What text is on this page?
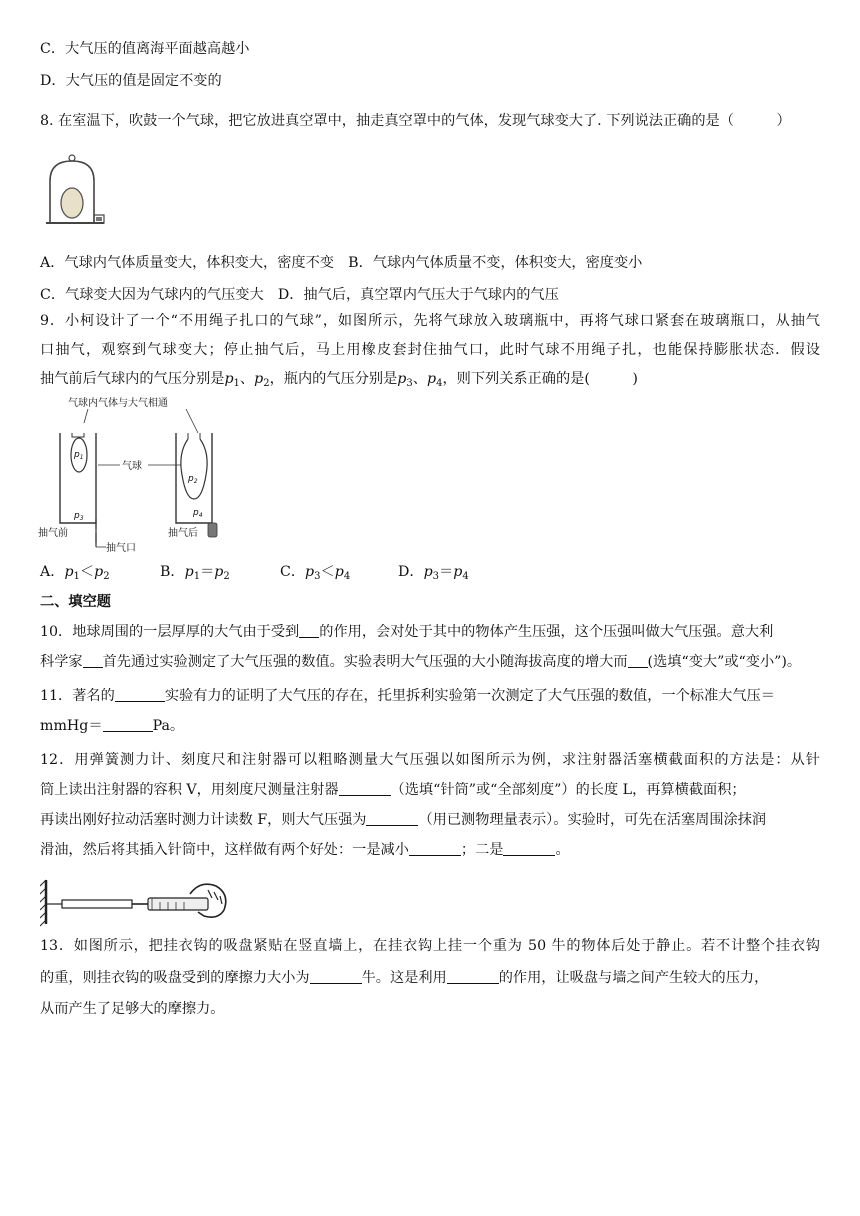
C．大气压的值离海平面越高越小
D．大气压的值是固定不变的
8. 在室温下，吹鼓一个气球，把它放进真空罩中，抽走真空罩中的气体，发现气球变大了. 下列说法正确的是（　　　）
A．气球内气体质量变大，体积变大，密度不变　B．气球内气体质量不变，体积变大，密度变小
C．气球变大因为气球内的气压变大　D．抽气后，真空罩内气压大于气球内的气压
9．小柯设计了一个“不用绳子扎口的气球”，如图所示，先将气球放入玻璃瓶中，再将气球口紧套在玻璃瓶口，从抽气
口抽气，观察到气球变大；停止抽气后，马上用橡皮套封住抽气口，此时气球不用绳子扎，也能保持膨胀状态．假设
抽气前后气球内的气压分别是$p_1$、$p_2$，瓶内的气压分别是$p_3$、$p_4$，则下列关系正确的是(　　　)
气球内气体与大气相通
$p_1$
$p_3$
抽气口
抽气前
气球
$p_2$
$p_4$
抽气后
A．$p_1<p_2$	B．$p_1=p_2$	C．$p_3<p_4$	D．$p_3=p_4$
二、填空题
10．地球周围的一层厚厚的大气由于受到 的作用，会对处于其中的物体产生压强，这个压强叫做大气压强。意大利
科学家 首先通过实验测定了大气压强的数值。实验表明大气压强的大小随海拔高度的增大而 (选填“变大”或“变小”)。
11．著名的	实验有力的证明了大气压的存在，托里拆利实验第一次测定了大气压强的数值，一个标准大气压＝
mmHg＝	Pa。
12．用弹簧测力计、刻度尺和注射器可以粗略测量大气压强以如图所示为例，求注射器活塞横截面积的方法是：从针
筒上读出注射器的容积 V，用刻度尺测量注射器	（选填“针筒”或“全部刻度”）的长度 L，再算横截面积；
再读出刚好拉动活塞时测力计读数 F，则大气压强为	（用已测物理量表示）。实验时，可先在活塞周围涂抹润
滑油，然后将其插入针筒中，这样做有两个好处：一是减小	；二是	。
13．如图所示，把挂衣钩的吸盘紧贴在竖直墙上，在挂衣钩上挂一个重为 50 牛的物体后处于静止。若不计整个挂衣钩
的重，则挂衣钩的吸盘受到的摩擦力大小为	牛。这是利用	的作用，让吸盘与墙之间产生较大的压力，
从而产生了足够大的摩擦力。
